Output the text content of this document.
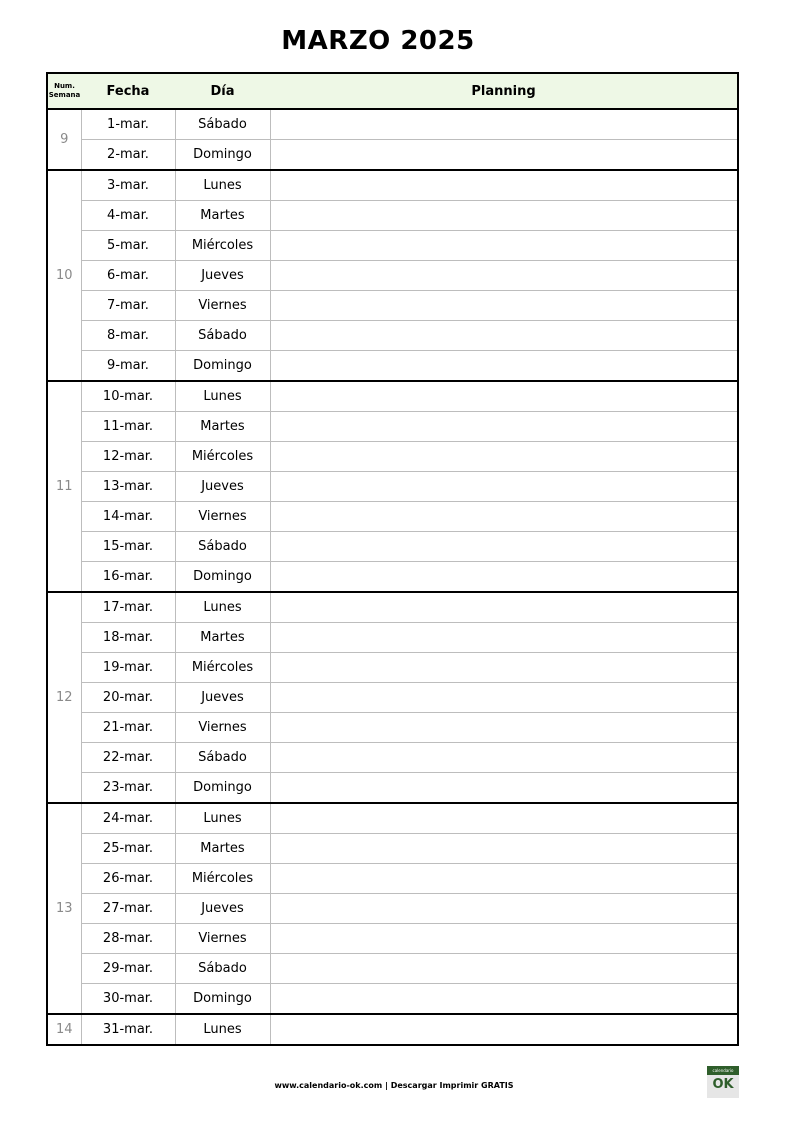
MARZO 2025
Num.
Semana	Fecha	Día	Planning
9	1-mar.	Sábado	
	2-mar.	Domingo	
10	3-mar.	Lunes	
	4-mar.	Martes	
	5-mar.	Miércoles	
	6-mar.	Jueves	
	7-mar.	Viernes	
	8-mar.	Sábado	
	9-mar.	Domingo	
11	10-mar.	Lunes	
	11-mar.	Martes	
	12-mar.	Miércoles	
	13-mar.	Jueves	
	14-mar.	Viernes	
	15-mar.	Sábado	
	16-mar.	Domingo	
12	17-mar.	Lunes	
	18-mar.	Martes	
	19-mar.	Miércoles	
	20-mar.	Jueves	
	21-mar.	Viernes	
	22-mar.	Sábado	
	23-mar.	Domingo	
13	24-mar.	Lunes	
	25-mar.	Martes	
	26-mar.	Miércoles	
	27-mar.	Jueves	
	28-mar.	Viernes	
	29-mar.	Sábado	
	30-mar.	Domingo	
14	31-mar.	Lunes	
www.calendario-ok.com | Descargar Imprimir GRATIS
calendario
OK
